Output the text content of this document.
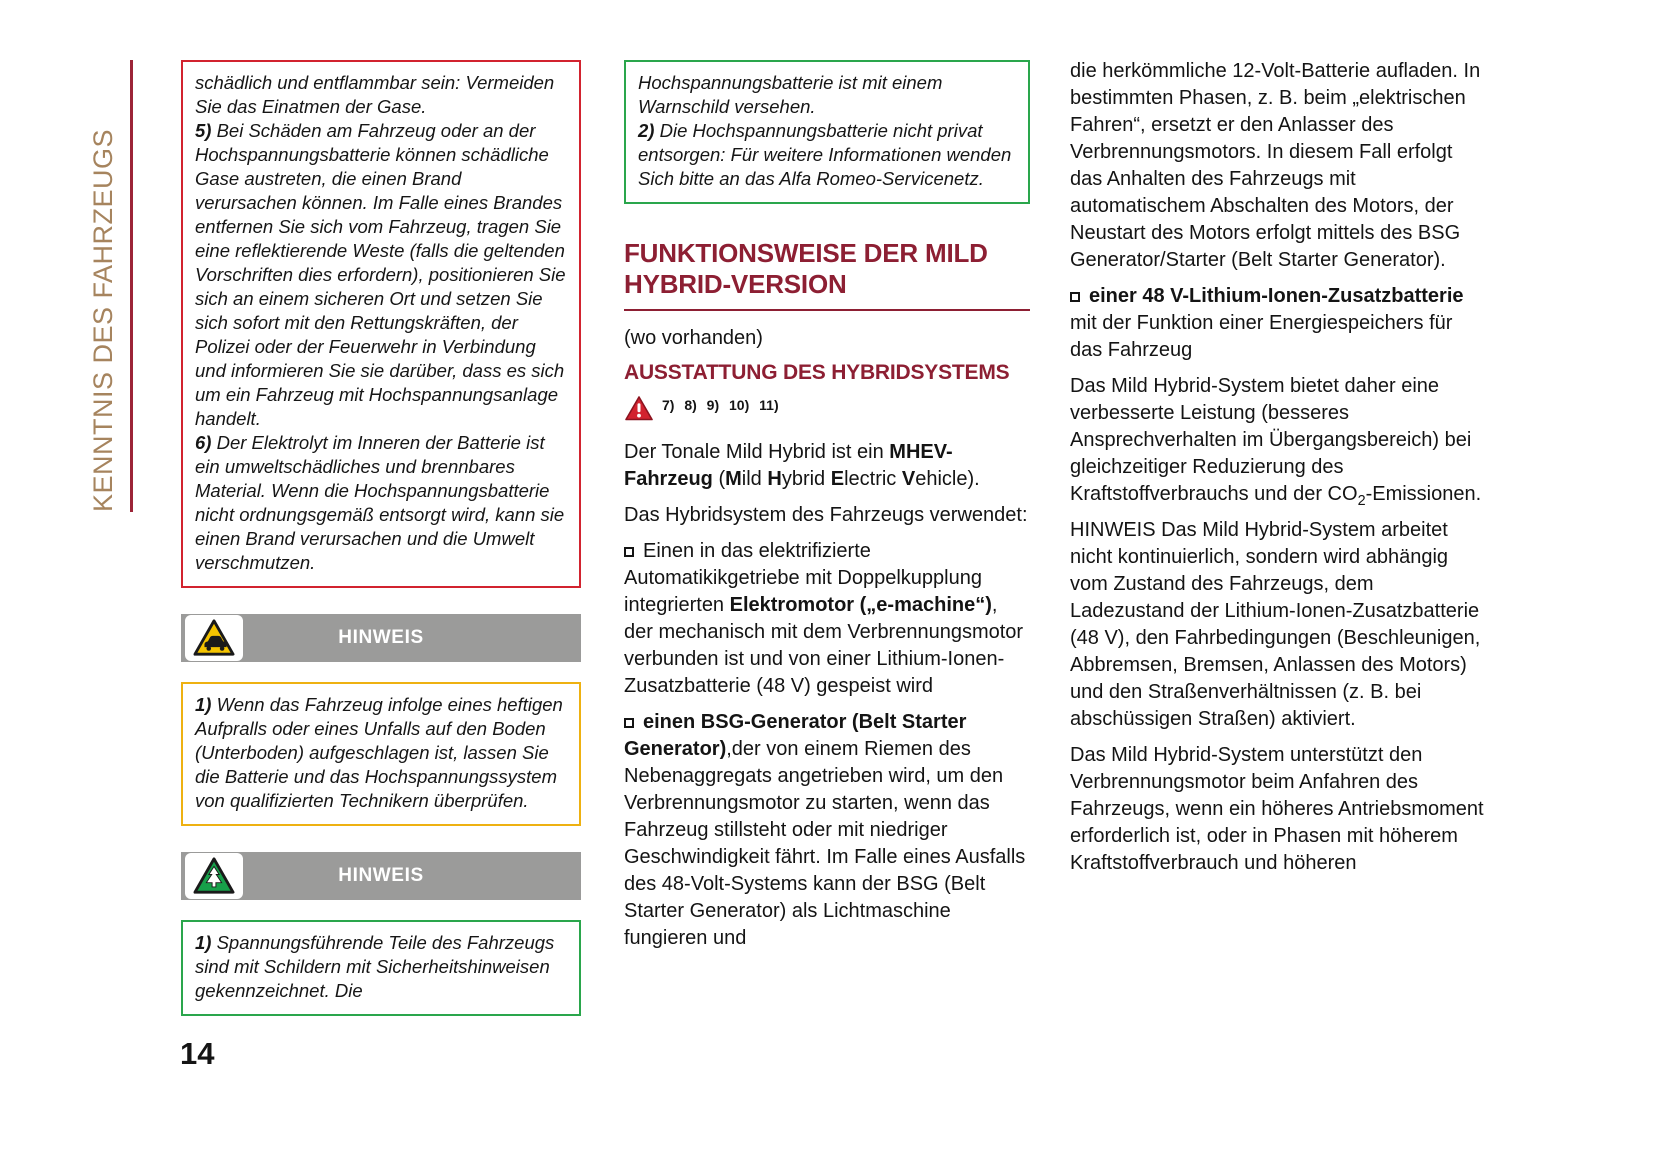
KENNTNIS DES FAHRZEUGS
14

schädlich und entflammbar sein: Vermeiden Sie das Einatmen der Gase.

5) Bei Schäden am Fahrzeug oder an der Hochspannungsbatterie können schädliche Gase austreten, die einen Brand verursachen können. Im Falle eines Brandes entfernen Sie sich vom Fahrzeug, tragen Sie eine reflektierende Weste (falls die geltenden Vorschriften dies erfordern), positionieren Sie sich an einem sicheren Ort und setzen Sie sich sofort mit den Rettungskräften, der Polizei oder der Feuerwehr in Verbindung und informieren Sie sie darüber, dass es sich um ein Fahrzeug mit Hochspannungsanlage handelt.

6) Der Elektrolyt im Inneren der Batterie ist ein umweltschädliches und brennbares Material. Wenn die Hochspannungsbatterie nicht ordnungsgemäß entsorgt wird, kann sie einen Brand verursachen und die Umwelt verschmutzen.

HINWEIS

1) Wenn das Fahrzeug infolge eines heftigen Aufpralls oder eines Unfalls auf den Boden (Unterboden) aufgeschlagen ist, lassen Sie die Batterie und das Hochspannungssystem von qualifizierten Technikern überprüfen.

HINWEIS

1) Spannungsführende Teile des Fahrzeugs sind mit Schildern mit Sicherheitshinweisen gekennzeichnet. Die

Hochspannungsbatterie ist mit einem Warnschild versehen.

2) Die Hochspannungsbatterie nicht privat entsorgen: Für weitere Informationen wenden Sich bitte an das Alfa Romeo-Servicenetz.

FUNKTIONSWEISE DER MILD HYBRID-VERSION

(wo vorhanden)

AUSSTATTUNG DES HYBRIDSYSTEMS
7) 8) 9) 10) 11)

Der Tonale Mild Hybrid ist ein MHEV-Fahrzeug (Mild Hybrid Electric Vehicle).

Das Hybridsystem des Fahrzeugs verwendet:

Einen in das elektrifizierte Automatikikgetriebe mit Doppelkupplung integrierten Elektromotor („e-machine“), der mechanisch mit dem Verbrennungsmotor verbunden ist und von einer Lithium-Ionen-Zusatzbatterie (48 V) gespeist wird

einen BSG-Generator (Belt Starter Generator),der von einem Riemen des Nebenaggregats angetrieben wird, um den Verbrennungsmotor zu starten, wenn das Fahrzeug stillsteht oder mit niedriger Geschwindigkeit fährt. Im Falle eines Ausfalls des 48-Volt-Systems kann der BSG (Belt Starter Generator) als Lichtmaschine fungieren und

die herkömmliche 12-Volt-Batterie aufladen. In bestimmten Phasen, z. B. beim „elektrischen Fahren“, ersetzt er den Anlasser des Verbrennungsmotors. In diesem Fall erfolgt das Anhalten des Fahrzeugs mit automatischem Abschalten des Motors, der Neustart des Motors erfolgt mittels des BSG Generator/Starter (Belt Starter Generator).

einer 48 V-Lithium-Ionen-Zusatzbatterie mit der Funktion einer Energiespeichers für das Fahrzeug

Das Mild Hybrid-System bietet daher eine verbesserte Leistung (besseres Ansprechverhalten im Übergangsbereich) bei gleichzeitiger Reduzierung des Kraftstoffverbrauchs und der $CO_2$-Emissionen.

HINWEIS Das Mild Hybrid-System arbeitet nicht kontinuierlich, sondern wird abhängig vom Zustand des Fahrzeugs, dem Ladezustand der Lithium-Ionen-Zusatzbatterie (48 V), den Fahrbedingungen (Beschleunigen, Abbremsen, Bremsen, Anlassen des Motors) und den Straßenverhältnissen (z. B. bei abschüssigen Straßen) aktiviert.

Das Mild Hybrid-System unterstützt den Verbrennungsmotor beim Anfahren des Fahrzeugs, wenn ein höheres Antriebsmoment erforderlich ist, oder in Phasen mit höherem Kraftstoffverbrauch und höheren
